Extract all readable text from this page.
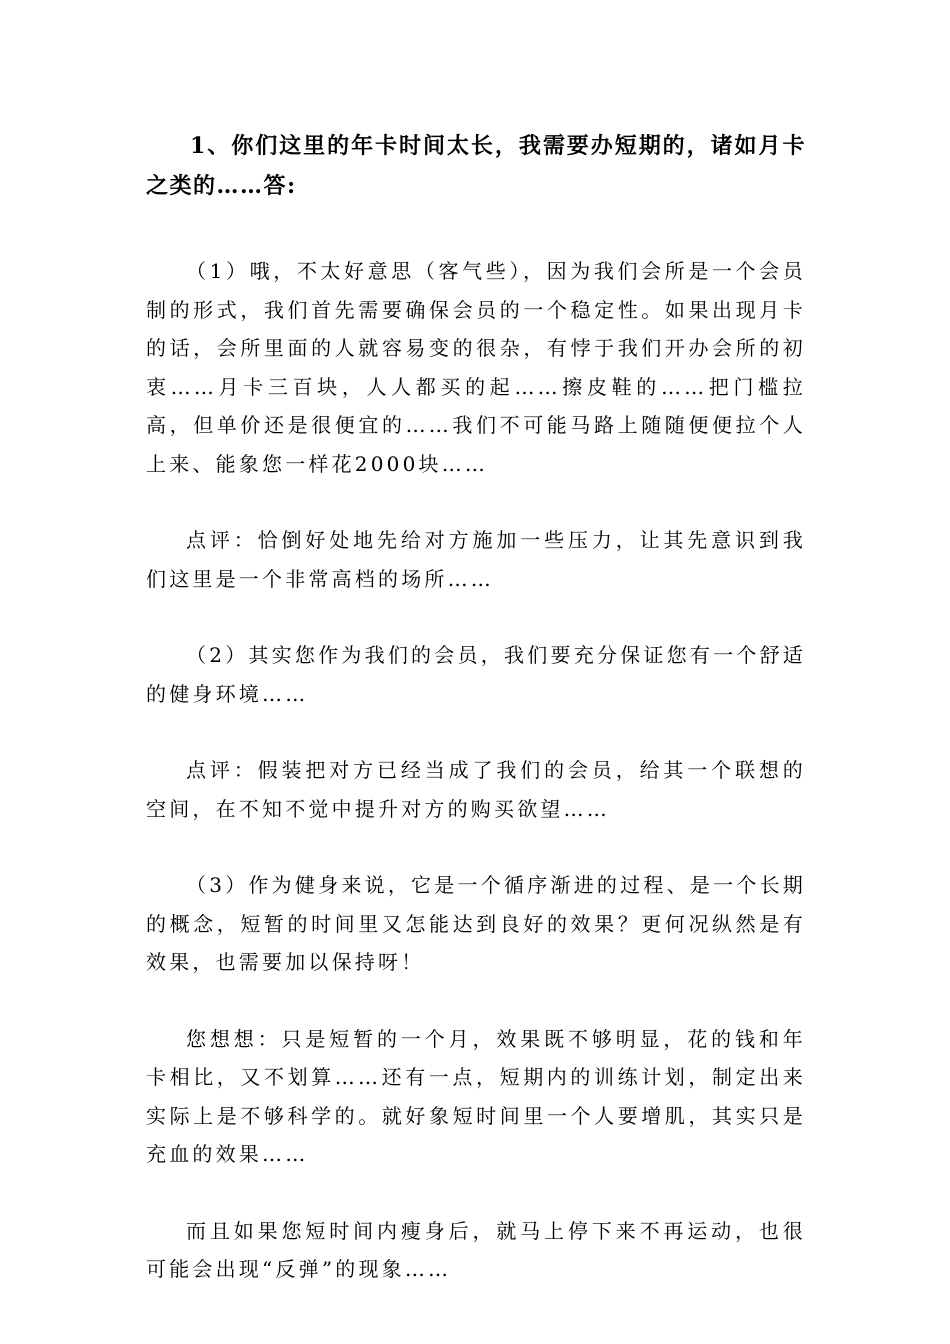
1、你们这里的年卡时间太长，我需要办短期的，诸如月卡之类的……答:

（1）哦，不太好意思（客气些），因为我们会所是一个会员制的形式，我们首先需要确保会员的一个稳定性。如果出现月卡的话，会所里面的人就容易变的很杂，有悖于我们开办会所的初衷……月卡三百块，人人都买的起……擦皮鞋的……把门槛拉高，但单价还是很便宜的……我们不可能马路上随随便便拉个人上来、能象您一样花2000块……

点评：恰倒好处地先给对方施加一些压力，让其先意识到我们这里是一个非常高档的场所……

（2）其实您作为我们的会员，我们要充分保证您有一个舒适的健身环境……

点评：假装把对方已经当成了我们的会员，给其一个联想的空间，在不知不觉中提升对方的购买欲望……

（3）作为健身来说，它是一个循序渐进的过程、是一个长期的概念，短暂的时间里又怎能达到良好的效果？更何况纵然是有效果，也需要加以保持呀！

您想想：只是短暂的一个月，效果既不够明显，花的钱和年卡相比，又不划算……还有一点，短期内的训练计划，制定出来实际上是不够科学的。就好象短时间里一个人要增肌，其实只是充血的效果……

而且如果您短时间内瘦身后，就马上停下来不再运动，也很可能会出现“反弹”的现象……
